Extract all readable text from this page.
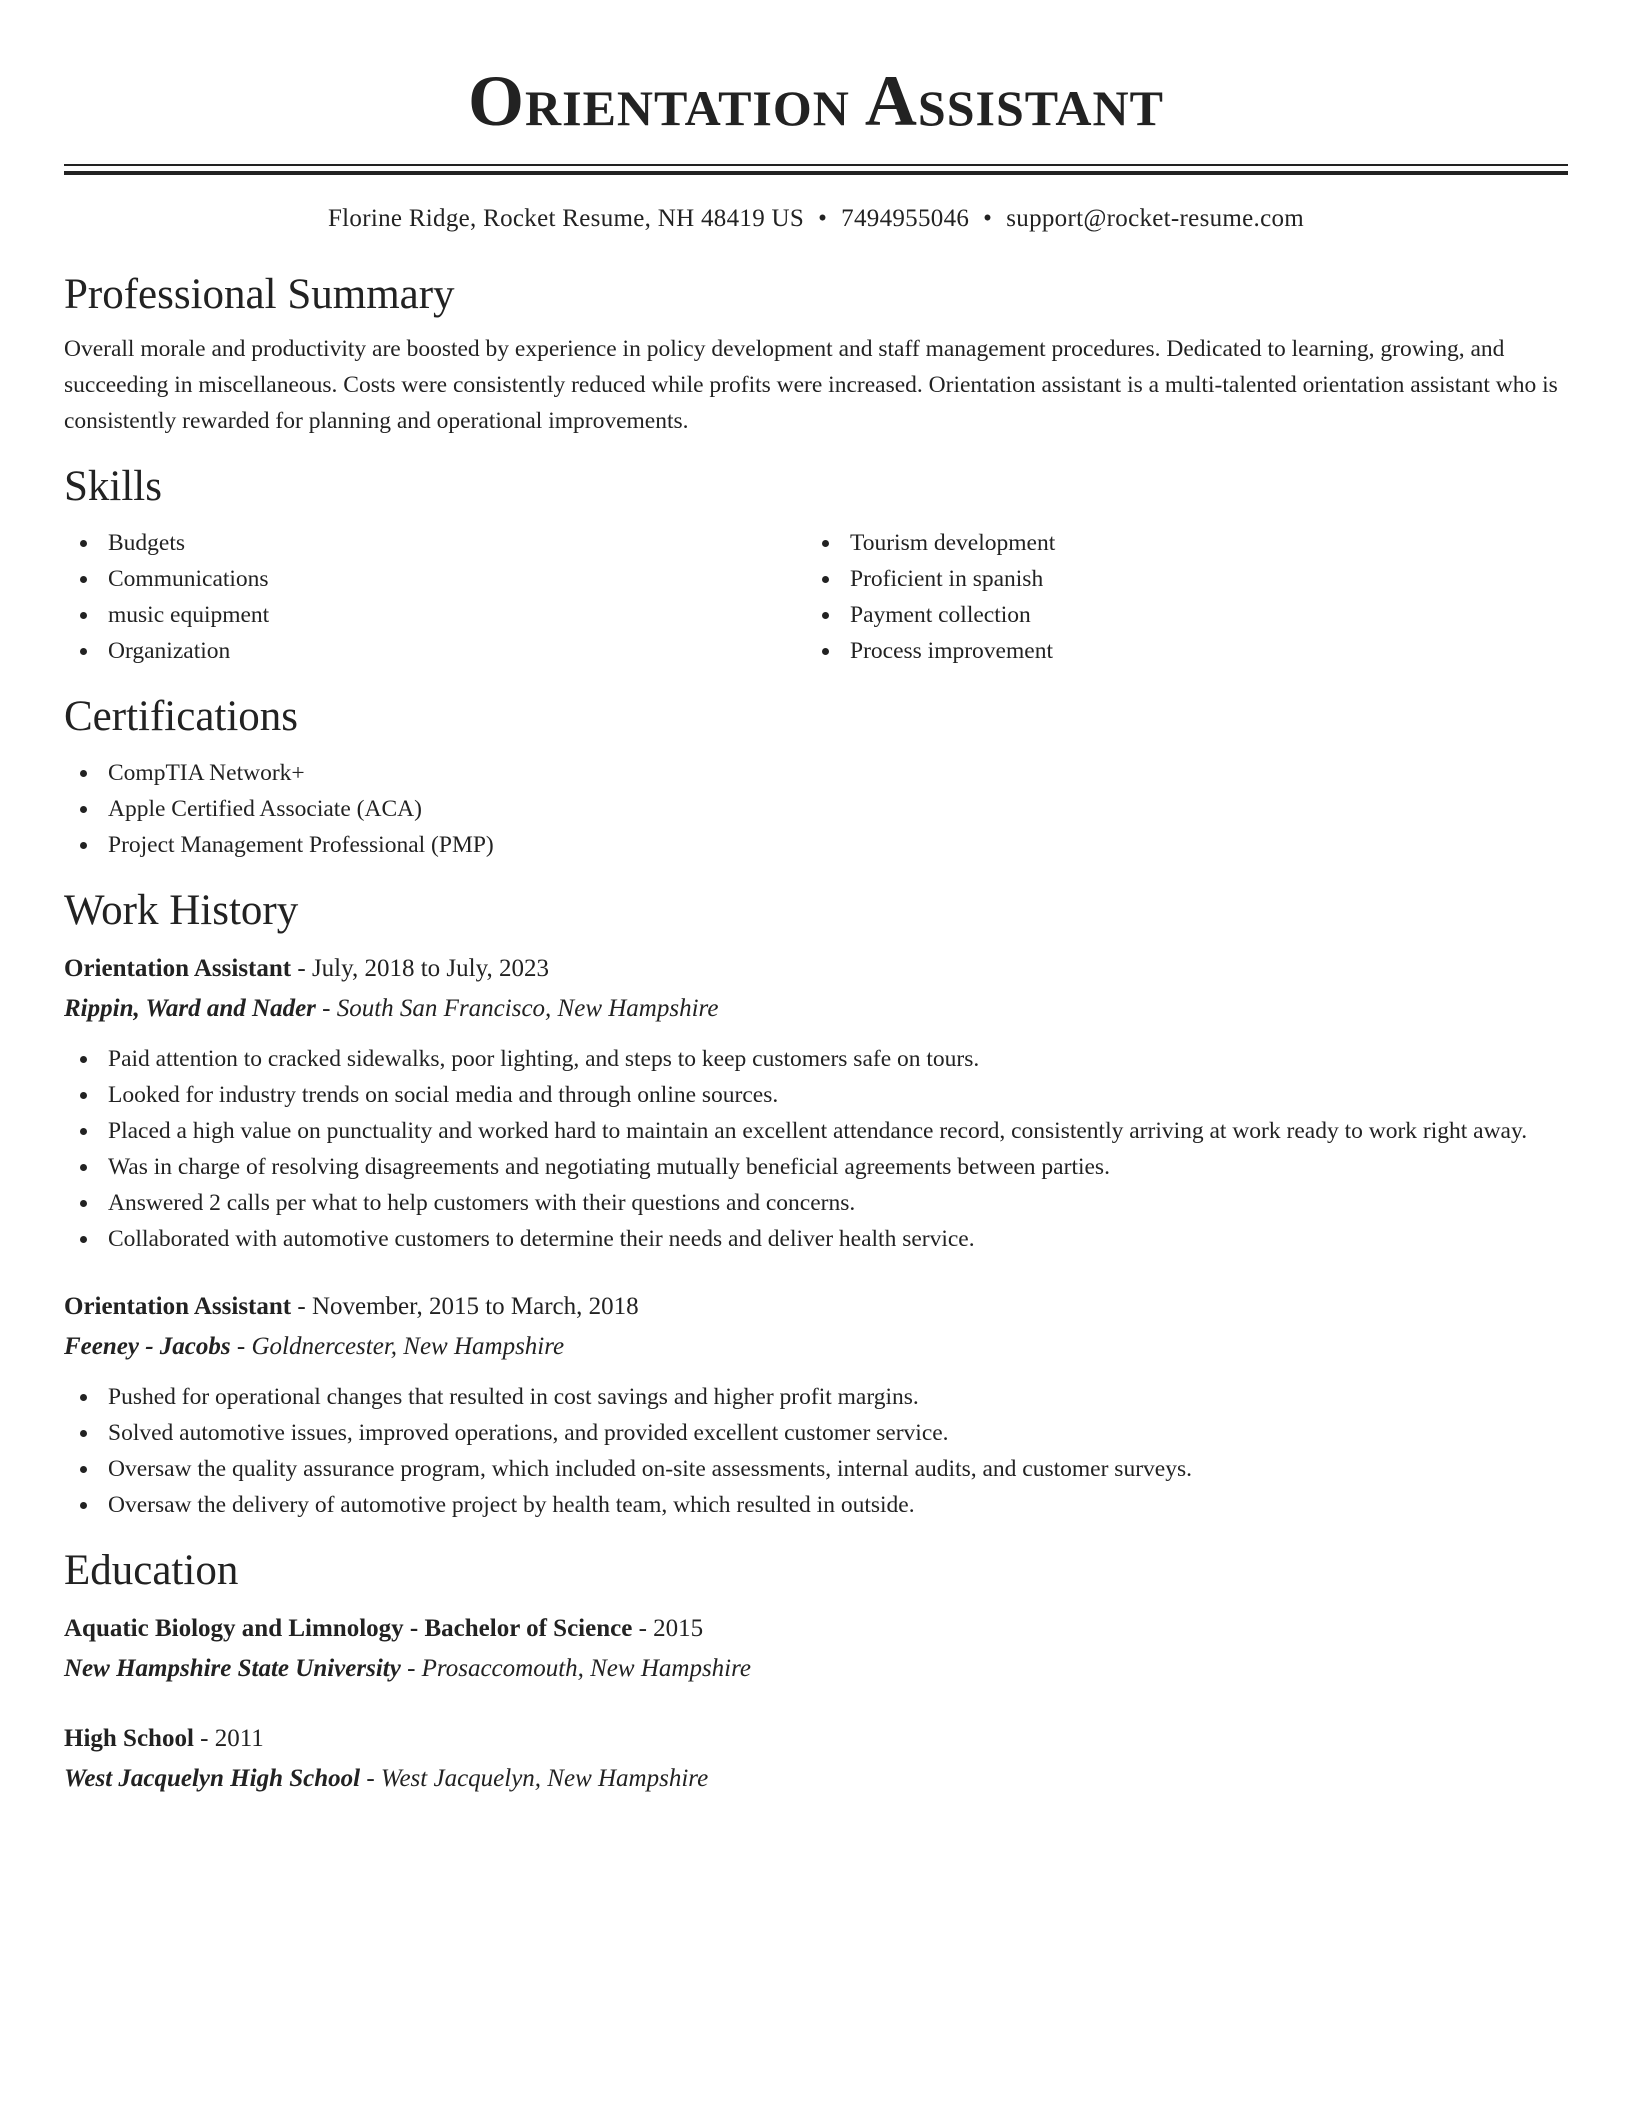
Orientation Assistant
Florine Ridge, Rocket Resume, NH 48419 US • 7494955046 • support@rocket-resume.com
Professional Summary

Overall morale and productivity are boosted by experience in policy development and staff management procedures. Dedicated to learning, growing, and succeeding in miscellaneous. Costs were consistently reduced while profits were increased. Orientation assistant is a multi-talented orientation assistant who is consistently rewarded for planning and operational improvements.

Skills
Budgets
Communications
music equipment
Organization
Tourism development
Proficient in spanish
Payment collection
Process improvement
Certifications
CompTIA Network+
Apple Certified Associate (ACA)
Project Management Professional (PMP)
Work History
Orientation Assistant - July, 2018 to July, 2023
Rippin, Ward and Nader - South San Francisco, New Hampshire
Paid attention to cracked sidewalks, poor lighting, and steps to keep customers safe on tours.
Looked for industry trends on social media and through online sources.
Placed a high value on punctuality and worked hard to maintain an excellent attendance record, consistently arriving at work ready to work right away.
Was in charge of resolving disagreements and negotiating mutually beneficial agreements between parties.
Answered 2 calls per what to help customers with their questions and concerns.
Collaborated with automotive customers to determine their needs and deliver health service.
Orientation Assistant - November, 2015 to March, 2018
Feeney - Jacobs - Goldnercester, New Hampshire
Pushed for operational changes that resulted in cost savings and higher profit margins.
Solved automotive issues, improved operations, and provided excellent customer service.
Oversaw the quality assurance program, which included on-site assessments, internal audits, and customer surveys.
Oversaw the delivery of automotive project by health team, which resulted in outside.
Education
Aquatic Biology and Limnology - Bachelor of Science - 2015
New Hampshire State University - Prosaccomouth, New Hampshire
High School - 2011
West Jacquelyn High School - West Jacquelyn, New Hampshire
